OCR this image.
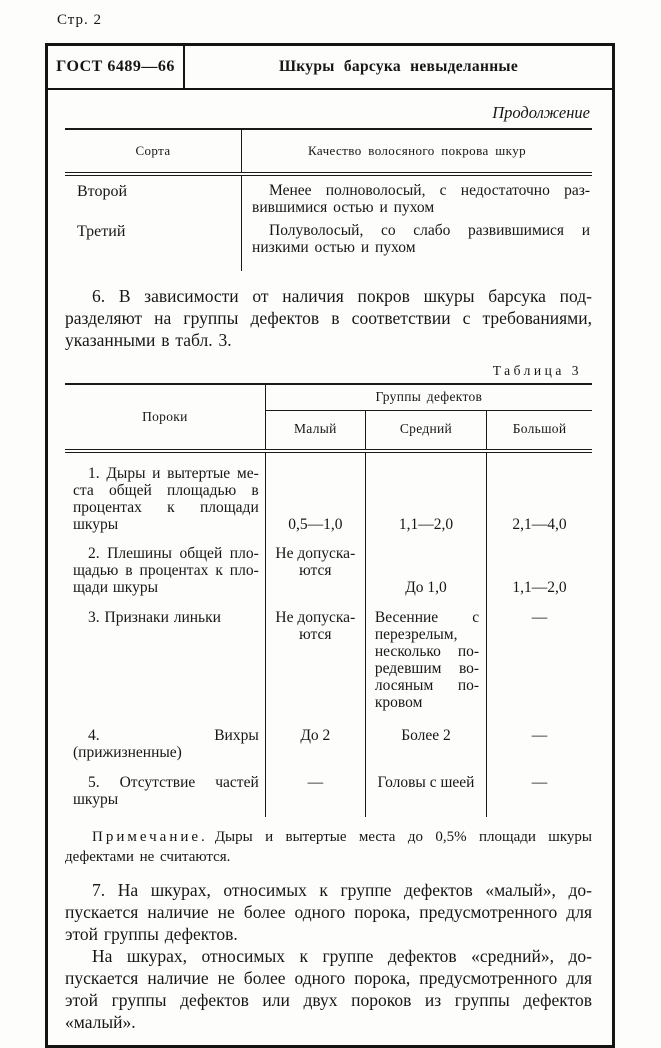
Стр. 2
ГОСТ 6489—66	Шкуры барсука невыделанные
Продолжение
Сорта	Качество волосяного покрова шкур
Второй	Менее полноволосый, с недостаточно развившимися остью и пухом
Третий	Полуволосый, со слабо развившимися и низкими остью и пухом

6. В зависимости от наличия покров шкуры барсука подразделяют на группы дефектов в соответствии с требованиями, указанными в табл. 3.

Таблица 3
Пороки	Группы дефектов		
	Малый	Средний	Большой
1. Дыры и вытертые места общей площадью в процентах к площади шкуры	0,5—1,0	1,1—2,0	2,1—4,0
2. Плешины общей площадью в процентах к площади шкуры	Не допускаются	До 1,0	1,1—2,0
3. Признаки линьки	Не допускаются	Весенние с перезрелым, несколько поредевшим волосяным покровом	—
4. Вихры (прижизненные)	До 2	Более 2	—
5. Отсутствие частей шкуры	—	Головы с шеей	—

Примечание. Дыры и вытертые места до 0,5% площади шкуры дефектами не считаются.

7. На шкурах, относимых к группе дефектов «малый», допускается наличие не более одного порока, предусмотренного для этой группы дефектов.

На шкурах, относимых к группе дефектов «средний», допускается наличие не более одного порока, предусмотренного для этой группы дефектов или двух пороков из группы дефектов «малый».
